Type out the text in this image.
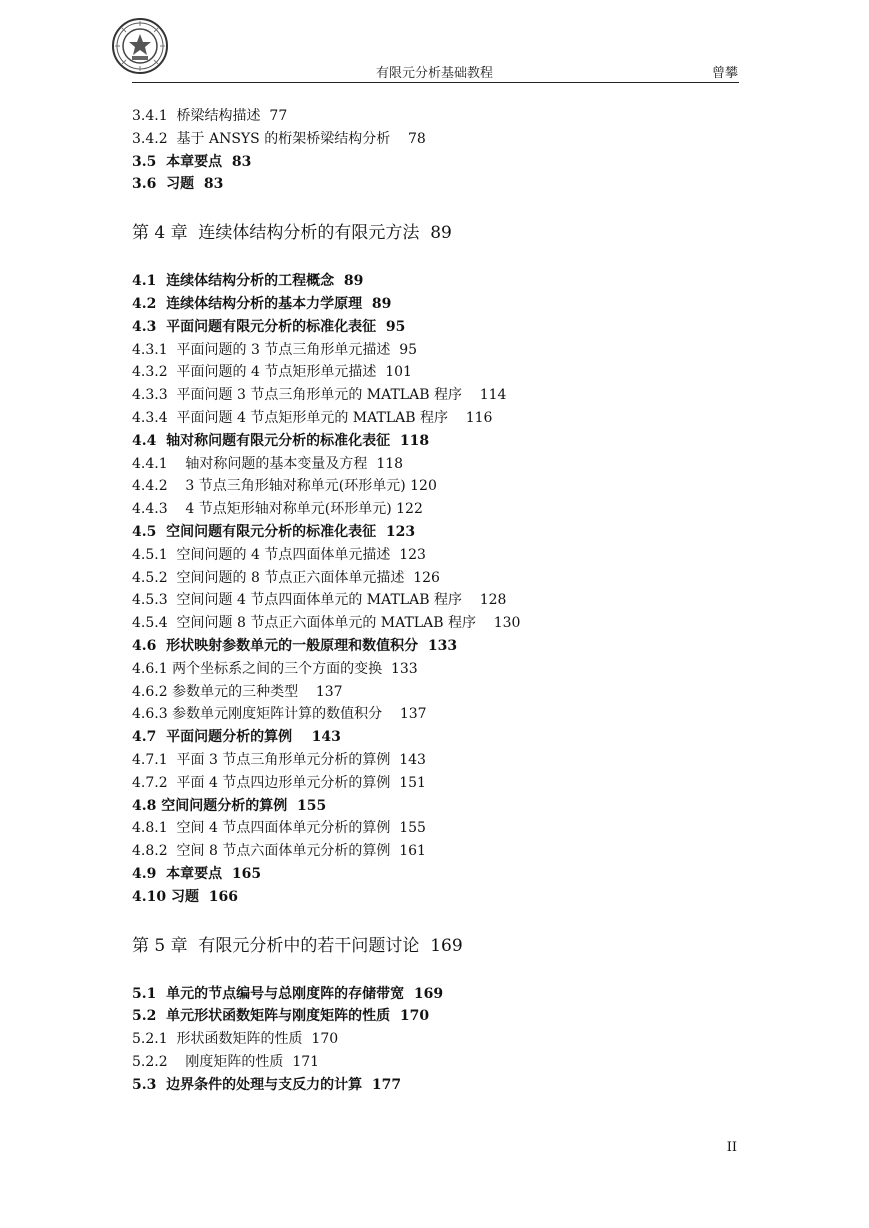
有限元分析基础教程	曾攀
3.4.1  桥梁结构描述  77
3.4.2  基于 ANSYS 的桁架桥梁结构分析    78
3.5  本章要点  83
3.6  习题  83
第 4 章  连续体结构分析的有限元方法  89
4.1  连续体结构分析的工程概念  89
4.2  连续体结构分析的基本力学原理  89
4.3  平面问题有限元分析的标准化表征  95
4.3.1  平面问题的 3 节点三角形单元描述  95
4.3.2  平面问题的 4 节点矩形单元描述  101
4.3.3  平面问题 3 节点三角形单元的 MATLAB 程序    114
4.3.4  平面问题 4 节点矩形单元的 MATLAB 程序    116
4.4  轴对称问题有限元分析的标准化表征  118
4.4.1    轴对称问题的基本变量及方程  118
4.4.2    3 节点三角形轴对称单元(环形单元) 120
4.4.3    4 节点矩形轴对称单元(环形单元) 122
4.5  空间问题有限元分析的标准化表征  123
4.5.1  空间问题的 4 节点四面体单元描述  123
4.5.2  空间问题的 8 节点正六面体单元描述  126
4.5.3  空间问题 4 节点四面体单元的 MATLAB 程序    128
4.5.4  空间问题 8 节点正六面体单元的 MATLAB 程序    130
4.6  形状映射参数单元的一般原理和数值积分  133
4.6.1 两个坐标系之间的三个方面的变换  133
4.6.2 参数单元的三种类型    137
4.6.3 参数单元刚度矩阵计算的数值积分    137
4.7  平面问题分析的算例    143
4.7.1  平面 3 节点三角形单元分析的算例  143
4.7.2  平面 4 节点四边形单元分析的算例  151
4.8 空间问题分析的算例  155
4.8.1  空间 4 节点四面体单元分析的算例  155
4.8.2  空间 8 节点六面体单元分析的算例  161
4.9  本章要点  165
4.10 习题  166
第 5 章  有限元分析中的若干问题讨论  169
5.1  单元的节点编号与总刚度阵的存储带宽  169
5.2  单元形状函数矩阵与刚度矩阵的性质  170
5.2.1  形状函数矩阵的性质  170
5.2.2    刚度矩阵的性质  171
5.3  边界条件的处理与支反力的计算  177
II
